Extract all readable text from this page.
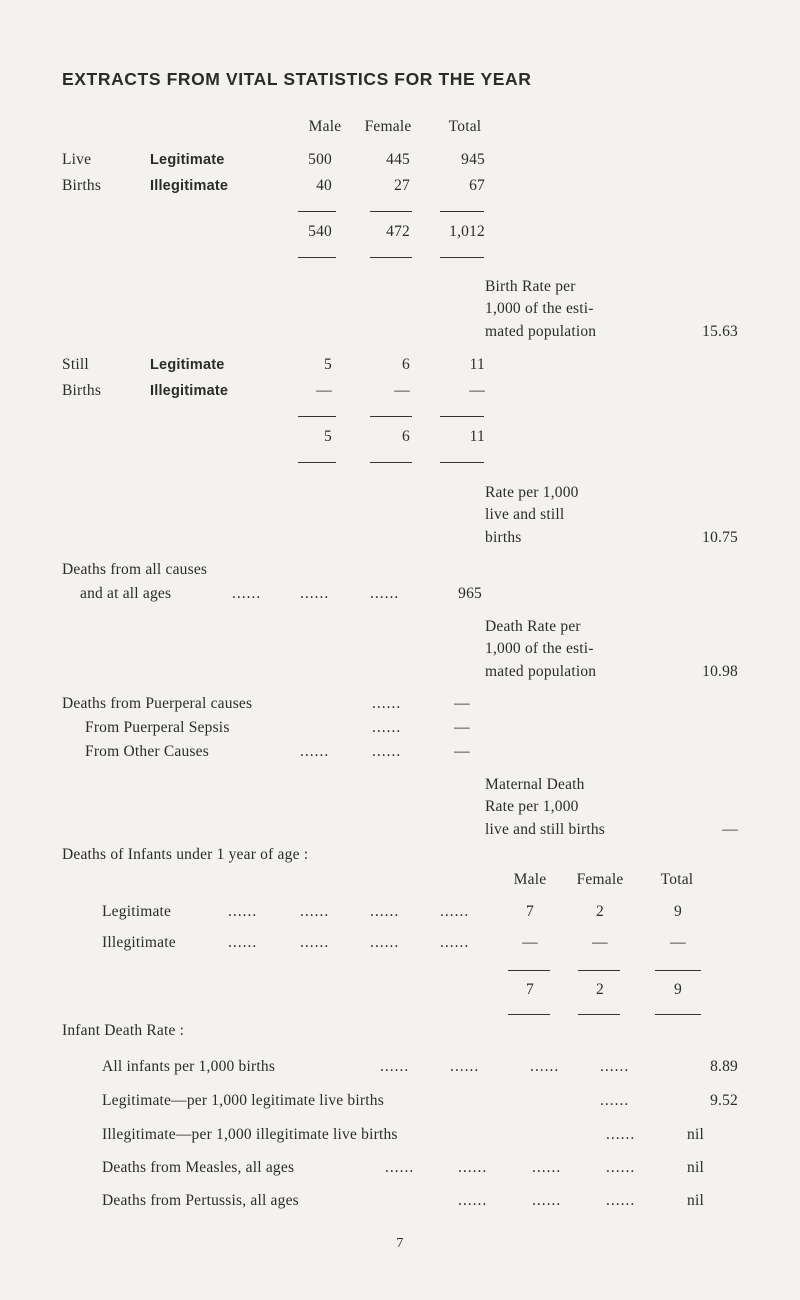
EXTRACTS FROM VITAL STATISTICS FOR THE YEAR
Male	Female	Total
Live
Births
Legitimate	500	445	945
Illegitimate	40	27	67
540	472	1,012
Birth Rate per
1,000 of the esti-
mated population	15.63
Still
Births
Legitimate	5	6	11
Illegitimate	—	—	—
5	6	11
Rate per 1,000
live and still
births	10.75
Deaths from all causes
and at all ages	......	......	......	965
Death Rate per
1,000 of the esti-
mated population	10.98
Deaths from Puerperal causes	......	—
From Puerperal Sepsis	......	—
From Other Causes	......	......	—
Maternal Death
Rate per 1,000
live and still births	—
Deaths of Infants under 1 year of age :
Male	Female	Total
Legitimate	......	......	......	......	7	2	9
Illegitimate	......	......	......	......	—	—	—
7	2	9
Infant Death Rate :
All infants per 1,000 births	......	......	......	......	8.89
Legitimate—per 1,000 legitimate live births	......	9.52
Illegitimate—per 1,000 illegitimate live births	......	nil
Deaths from Measles, all ages	......	......	......	......	nil
Deaths from Pertussis, all ages	......	......	......	nil
7
